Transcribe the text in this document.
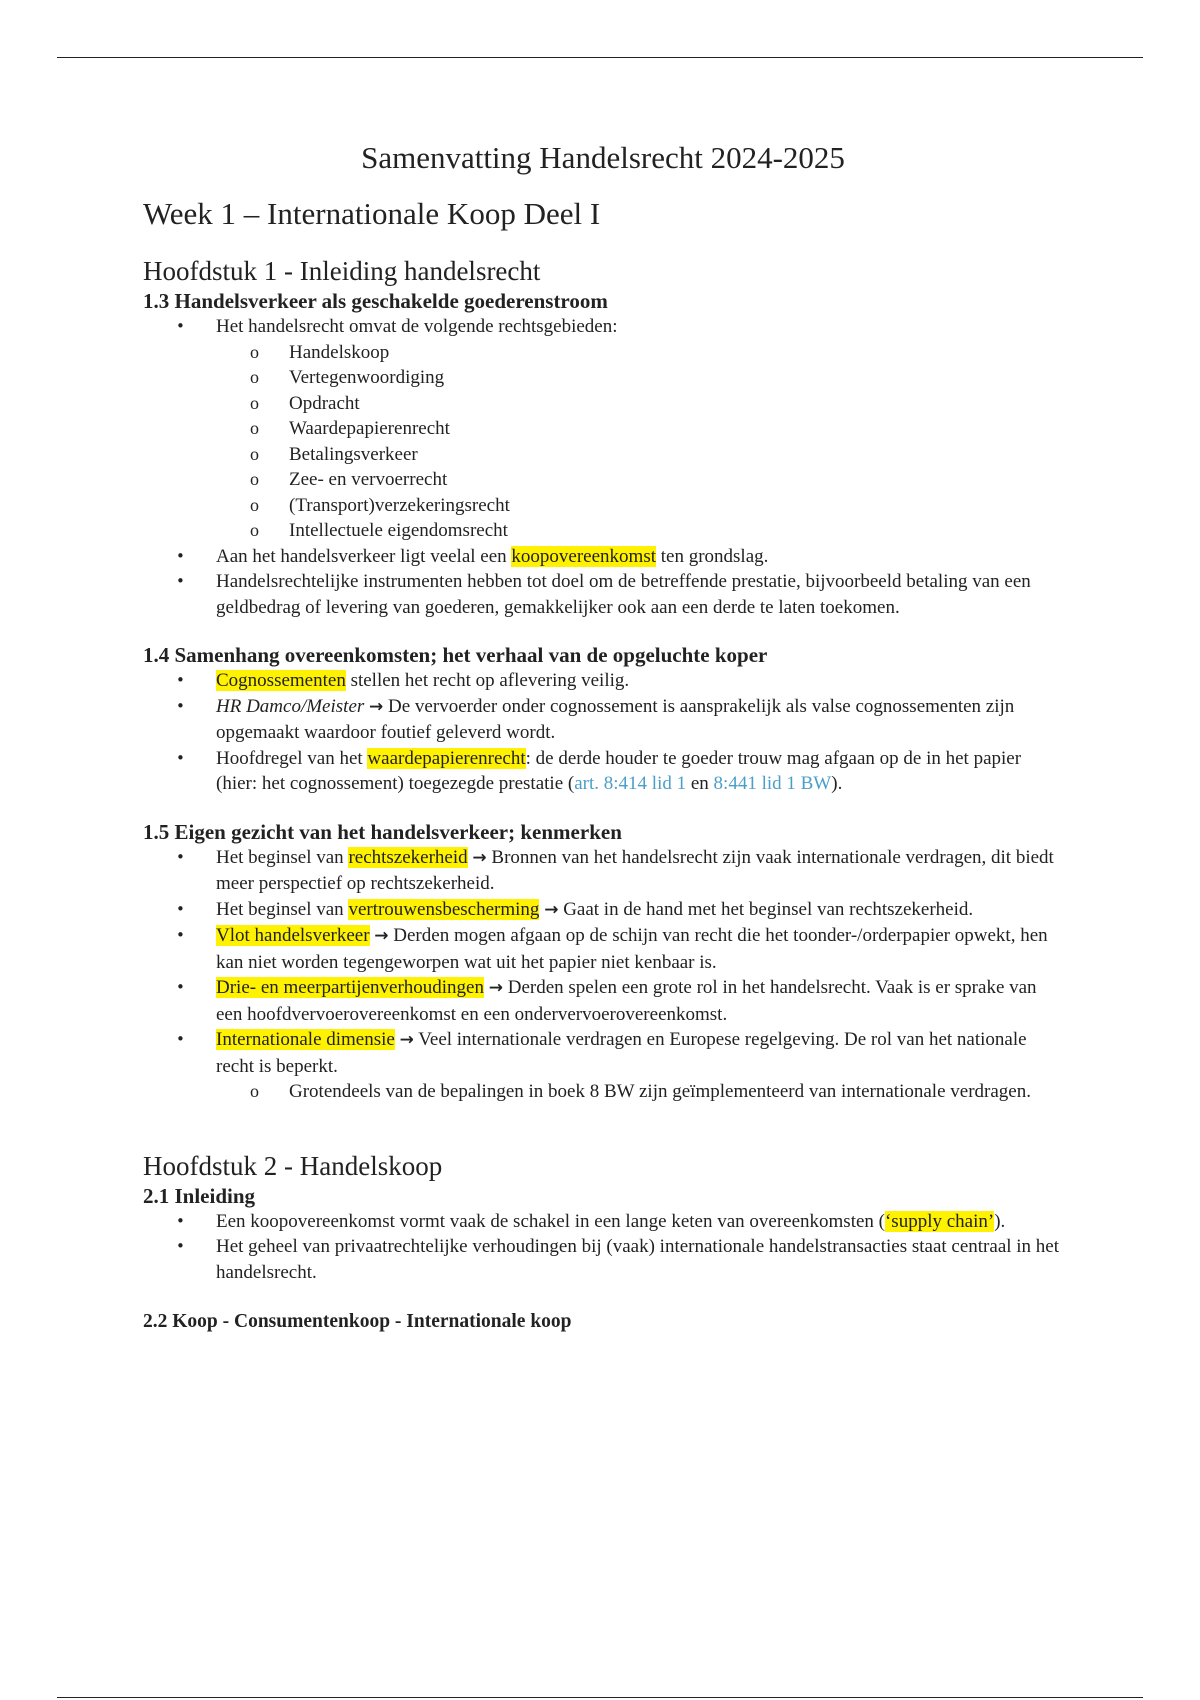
Samenvatting Handelsrecht 2024-2025
Week 1 – Internationale Koop Deel I
Hoofdstuk 1 - Inleiding handelsrecht
1.3 Handelsverkeer als geschakelde goederenstroom
• Het handelsrecht omvat de volgende rechtsgebieden:
o Handelskoop
o Vertegenwoordiging
o Opdracht
o Waardepapierenrecht
o Betalingsverkeer
o Zee- en vervoerrecht
o (Transport)verzekeringsrecht
o Intellectuele eigendomsrecht
• Aan het handelsverkeer ligt veelal een koopovereenkomst ten grondslag.
• Handelsrechtelijke instrumenten hebben tot doel om de betreffende prestatie, bijvoorbeeld betaling van een geldbedrag of levering van goederen, gemakkelijker ook aan een derde te laten toekomen.
1.4 Samenhang overeenkomsten; het verhaal van de opgeluchte koper
• Cognossementen stellen het recht op aflevering veilig.
• HR Damco/Meister → De vervoerder onder cognossement is aansprakelijk als valse cognossementen zijn opgemaakt waardoor foutief geleverd wordt.
• Hoofdregel van het waardepapierenrecht: de derde houder te goeder trouw mag afgaan op de in het papier (hier: het cognossement) toegezegde prestatie (art. 8:414 lid 1 en 8:441 lid 1 BW).
1.5 Eigen gezicht van het handelsverkeer; kenmerken
• Het beginsel van rechtszekerheid → Bronnen van het handelsrecht zijn vaak internationale verdragen, dit biedt meer perspectief op rechtszekerheid.
• Het beginsel van vertrouwensbescherming → Gaat in de hand met het beginsel van rechtszekerheid.
• Vlot handelsverkeer → Derden mogen afgaan op de schijn van recht die het toonder-/orderpapier opwekt, hen kan niet worden tegengeworpen wat uit het papier niet kenbaar is.
• Drie- en meerpartijenverhoudingen → Derden spelen een grote rol in het handelsrecht. Vaak is er sprake van een hoofdvervoerovereenkomst en een ondervervoerovereenkomst.
• Internationale dimensie → Veel internationale verdragen en Europese regelgeving. De rol van het nationale recht is beperkt.
o Grotendeels van de bepalingen in boek 8 BW zijn geïmplementeerd van internationale verdragen.
Hoofdstuk 2 - Handelskoop
2.1 Inleiding
• Een koopovereenkomst vormt vaak de schakel in een lange keten van overeenkomsten (‘supply chain’).
• Het geheel van privaatrechtelijke verhoudingen bij (vaak) internationale handelstransacties staat centraal in het handelsrecht.
2.2 Koop - Consumentenkoop - Internationale koop
